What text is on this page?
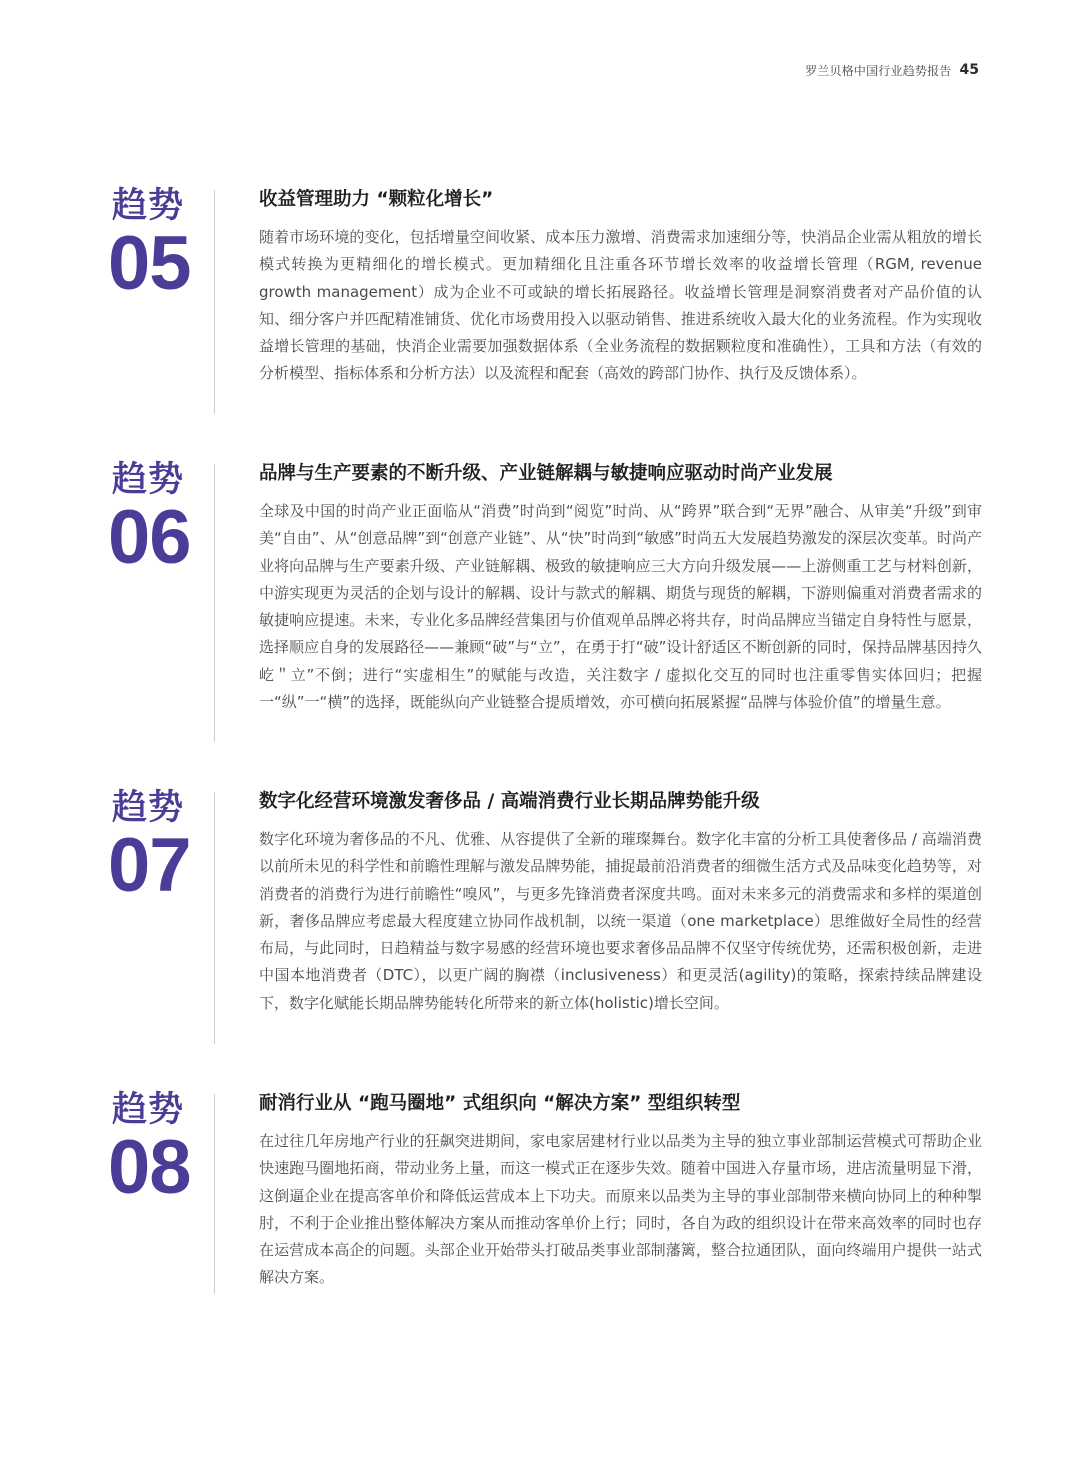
罗兰贝格中国行业趋势报告 45
趋势
05
收益管理助力 “颗粒化增长”

随着市场环境的变化，包括增量空间收紧、成本压力激增、消费需求加速细分等，快消品企业需从粗放的增长模式转换为更精细化的增长模式。更加精细化且注重各环节增长效率的收益增长管理（RGM, revenue growth management）成为企业不可或缺的增长拓展路径。收益增长管理是洞察消费者对产品价值的认知、细分客户并匹配精准铺货、优化市场费用投入以驱动销售、推进系统收入最大化的业务流程。作为实现收益增长管理的基础，快消企业需要加强数据体系（全业务流程的数据颗粒度和准确性），工具和方法（有效的分析模型、指标体系和分析方法）以及流程和配套（高效的跨部门协作、执行及反馈体系）。

趋势
06
品牌与生产要素的不断升级、产业链解耦与敏捷响应驱动时尚产业发展

全球及中国的时尚产业正面临从“消费”时尚到“阅览”时尚、从“跨界”联合到“无界”融合、从审美“升级”到审美“自由”、从“创意品牌”到“创意产业链”、从“快”时尚到“敏感”时尚五大发展趋势激发的深层次变革。时尚产业将向品牌与生产要素升级、产业链解耦、极致的敏捷响应三大方向升级发展——上游侧重工艺与材料创新，中游实现更为灵活的企划与设计的解耦、设计与款式的解耦、期货与现货的解耦，下游则偏重对消费者需求的敏捷响应提速。未来，专业化多品牌经营集团与价值观单品牌必将共存，时尚品牌应当锚定自身特性与愿景，选择顺应自身的发展路径——兼顾“破”与“立”，在勇于打“破”设计舒适区不断创新的同时，保持品牌基因持久屹＂立”不倒；进行“实虚相生”的赋能与改造，关注数字 / 虚拟化交互的同时也注重零售实体回归；把握一“纵”一“横”的选择，既能纵向产业链整合提质增效，亦可横向拓展紧握“品牌与体验价值”的增量生意。

趋势
07
数字化经营环境激发奢侈品 / 高端消费行业长期品牌势能升级

数字化环境为奢侈品的不凡、优雅、从容提供了全新的璀璨舞台。数字化丰富的分析工具使奢侈品 / 高端消费以前所未见的科学性和前瞻性理解与激发品牌势能，捕捉最前沿消费者的细微生活方式及品味变化趋势等，对消费者的消费行为进行前瞻性“嗅风”，与更多先锋消费者深度共鸣。面对未来多元的消费需求和多样的渠道创新，奢侈品牌应考虑最大程度建立协同作战机制，以统一渠道（one marketplace）思维做好全局性的经营布局，与此同时，日趋精益与数字易感的经营环境也要求奢侈品品牌不仅坚守传统优势，还需积极创新，走进中国本地消费者（DTC），以更广阔的胸襟（inclusiveness）和更灵活(agility)的策略，探索持续品牌建设下，数字化赋能长期品牌势能转化所带来的新立体(holistic)增长空间。

趋势
08
耐消行业从 “跑马圈地” 式组织向 “解决方案” 型组织转型

在过往几年房地产行业的狂飙突进期间，家电家居建材行业以品类为主导的独立事业部制运营模式可帮助企业快速跑马圈地拓商，带动业务上量，而这一模式正在逐步失效。随着中国进入存量市场，进店流量明显下滑，这倒逼企业在提高客单价和降低运营成本上下功夫。而原来以品类为主导的事业部制带来横向协同上的种种掣肘，不利于企业推出整体解决方案从而推动客单价上行；同时，各自为政的组织设计在带来高效率的同时也存在运营成本高企的问题。头部企业开始带头打破品类事业部制藩篱，整合拉通团队，面向终端用户提供一站式解决方案。
